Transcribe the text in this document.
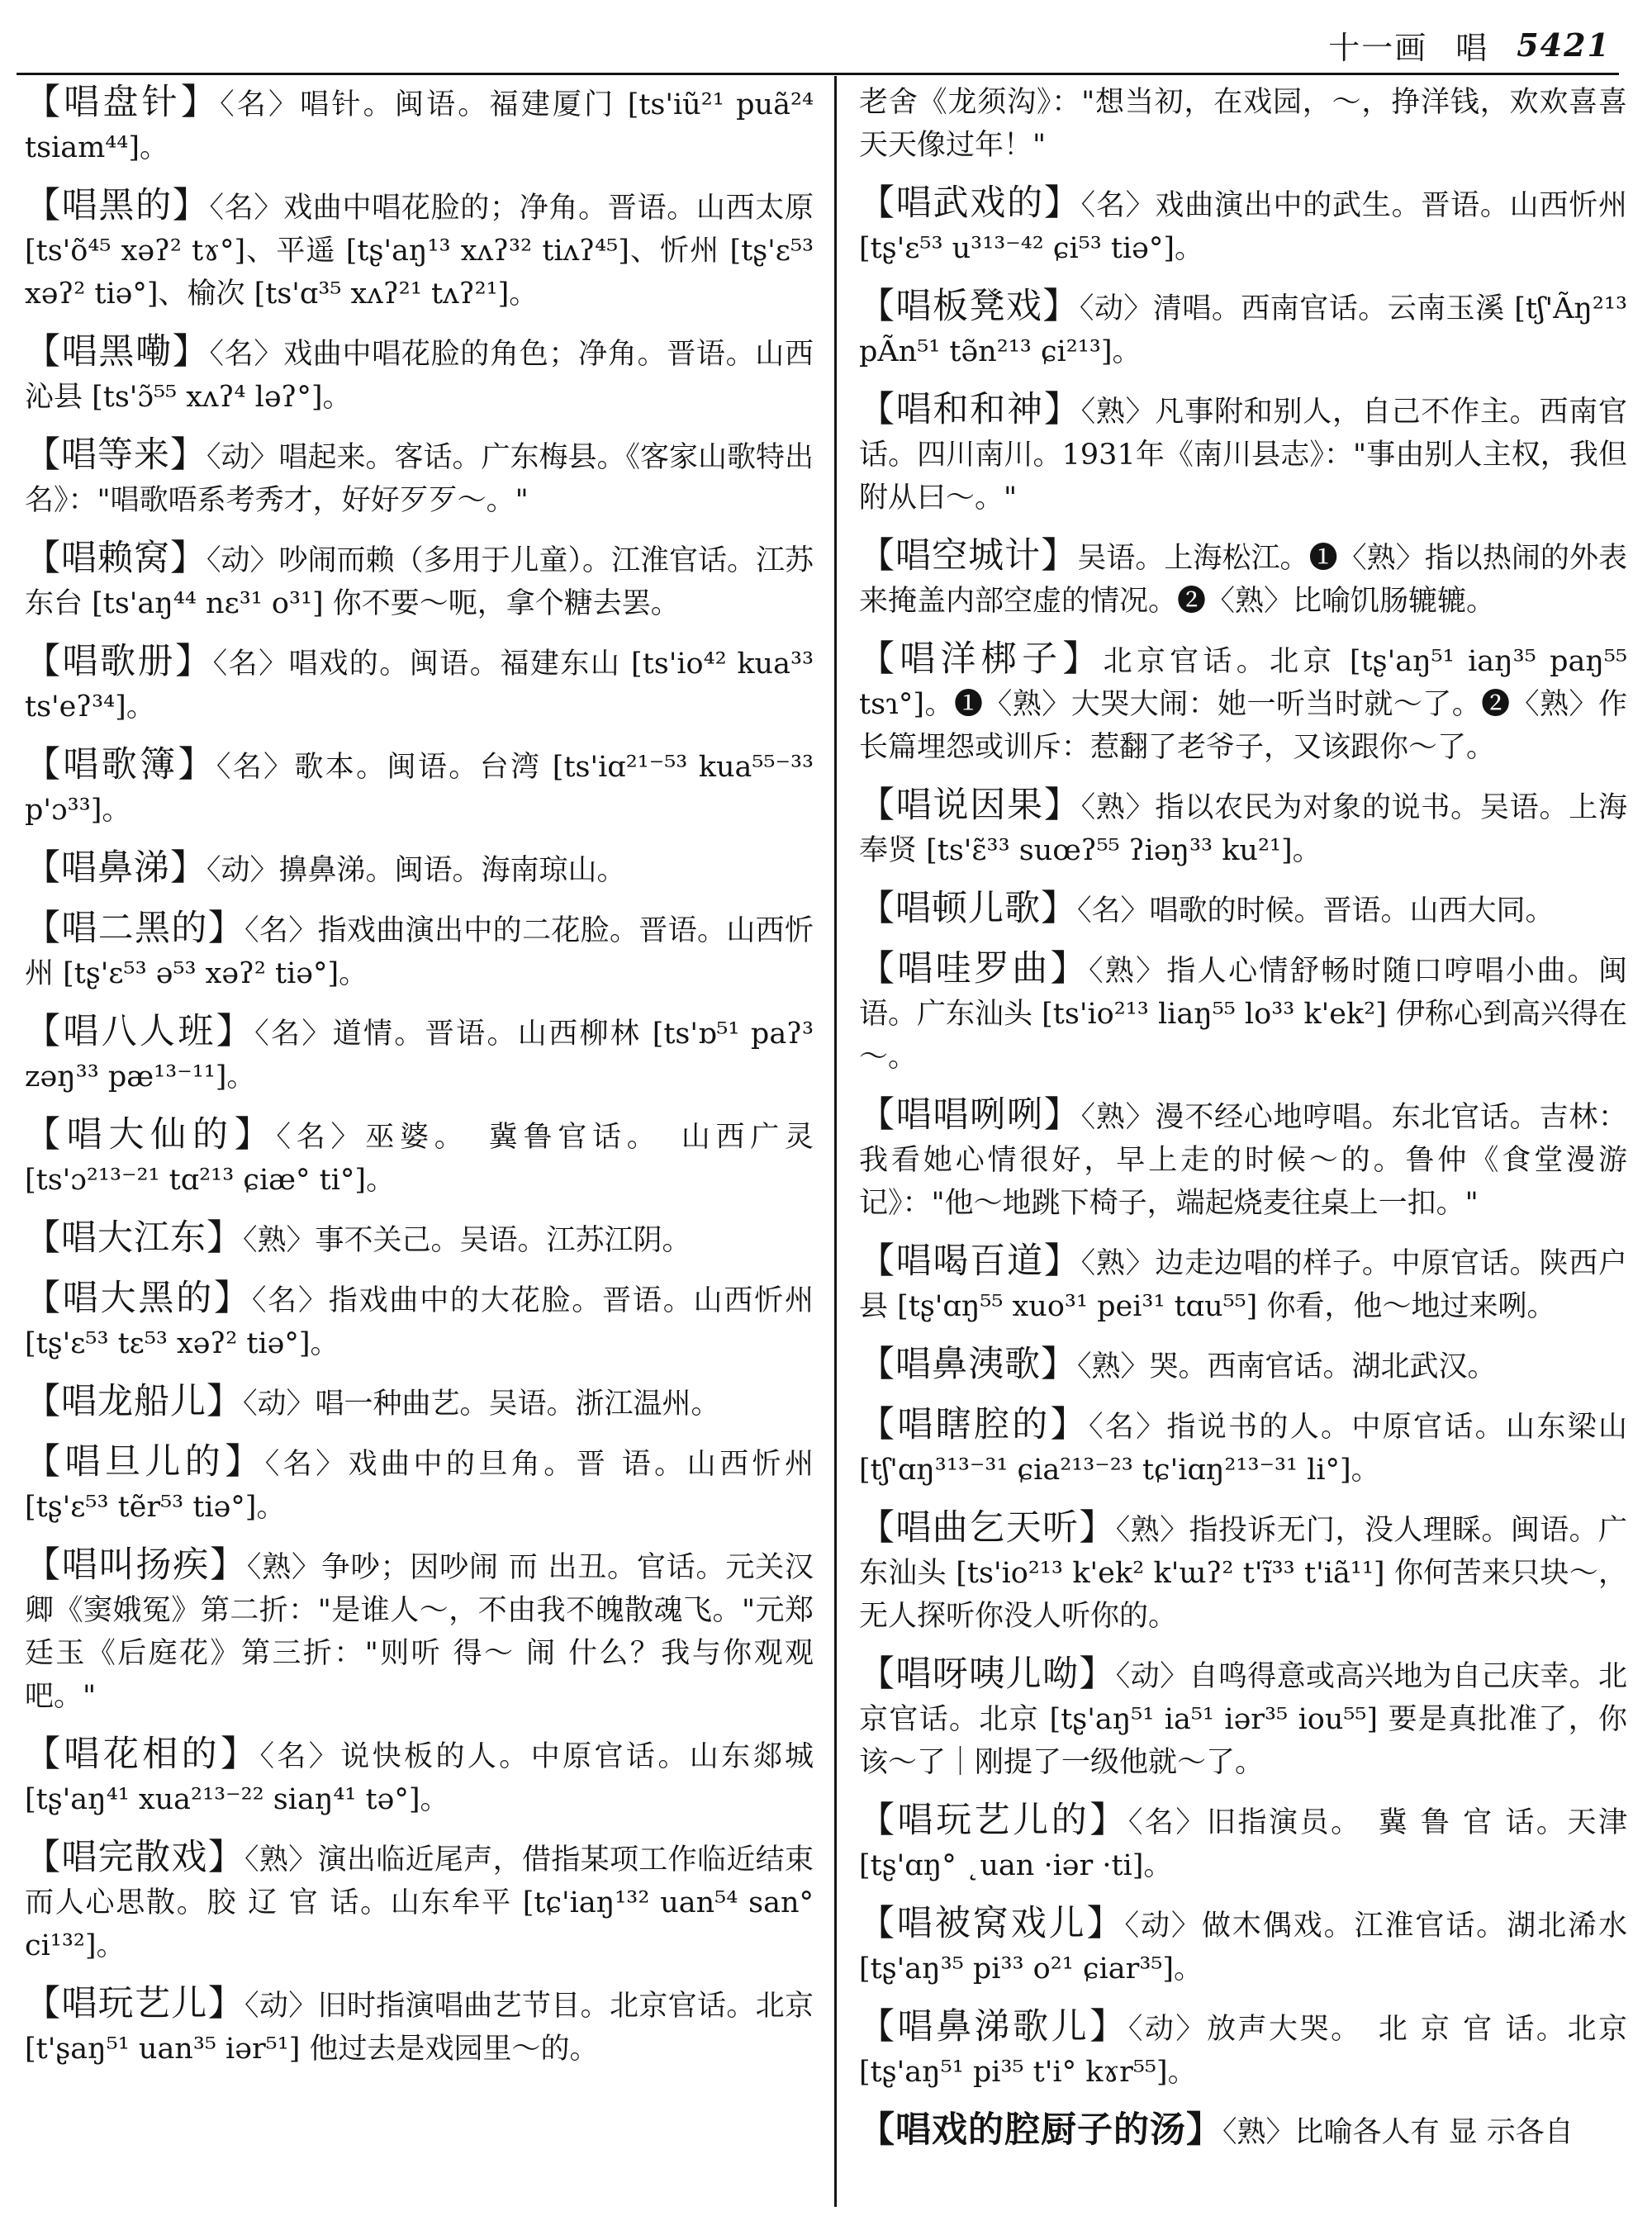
十一画 唱 5421

【唱盘针】〈名〉唱针。闽语。福建厦门 [ts'iũ²¹ puã²⁴ tsiam⁴⁴]。

【唱黑的】〈名〉戏曲中唱花脸的；净角。晋语。山西太原 [ts'õ⁴⁵ xəʔ² tɤ°]、平遥 [tʂ'aŋ¹³ xʌʔ³² tiʌʔ⁴⁵]、忻州 [tʂ'ɛ⁵³ xəʔ² tiə°]、榆次 [ts'ɑ³⁵ xʌʔ²¹ tʌʔ²¹]。

【唱黑嘞】〈名〉戏曲中唱花脸的角色；净角。晋语。山西沁县 [ts'ɔ̃⁵⁵ xʌʔ⁴ ləʔ°]。

【唱等来】〈动〉唱起来。客话。广东梅县。《客家山歌特出名》："唱歌唔系考秀才，好好歹歹～。"

【唱赖窝】〈动〉吵闹而赖（多用于儿童）。江淮官话。江苏东台 [ts'aŋ⁴⁴ nɛ³¹ o³¹] 你不要～呃，拿个糖去罢。

【唱歌册】〈名〉唱戏的。闽语。福建东山 [ts'io⁴² kua³³ ts'eʔ³⁴]。

【唱歌簿】〈名〉歌本。闽语。台湾 [ts'iɑ²¹⁻⁵³ kua⁵⁵⁻³³ p'ɔ³³]。

【唱鼻涕】〈动〉擤鼻涕。闽语。海南琼山。

【唱二黑的】〈名〉指戏曲演出中的二花脸。晋语。山西忻州 [tʂ'ɛ⁵³ ə⁵³ xəʔ² tiə°]。

【唱八人班】〈名〉道情。晋语。山西柳林 [ts'ɒ⁵¹ paʔ³ zəŋ³³ pæ¹³⁻¹¹]。

【唱大仙的】〈名〉巫婆。　冀鲁官话。　山西广灵 [ts'ɔ²¹³⁻²¹ tɑ²¹³ ɕiæ° ti°]。

【唱大江东】〈熟〉事不关己。吴语。江苏江阴。

【唱大黑的】〈名〉指戏曲中的大花脸。晋语。山西忻州 [tʂ'ɛ⁵³ tɛ⁵³ xəʔ² tiə°]。

【唱龙船儿】〈动〉唱一种曲艺。吴语。浙江温州。

【唱旦儿的】〈名〉戏曲中的旦角。晋 语。山西忻州 [tʂ'ɛ⁵³ tẽr⁵³ tiə°]。

【唱叫扬疾】〈熟〉争吵；因吵闹 而 出丑。官话。元关汉卿《窦娥冤》第二折："是谁人～，不由我不魄散魂飞。"元郑廷玉《后庭花》第三折："则听 得～ 闹 什么？我与你观观吧。"

【唱花相的】〈名〉说快板的人。中原官话。山东郯城 [tʂ'aŋ⁴¹ xua²¹³⁻²² siaŋ⁴¹ tə°]。

【唱完散戏】〈熟〉演出临近尾声，借指某项工作临近结束而人心思散。胶 辽 官 话。山东牟平 [tɕ'iaŋ¹³² uan⁵⁴ san° ci¹³²]。

【唱玩艺儿】〈动〉旧时指演唱曲艺节目。北京官话。北京 [t'ʂaŋ⁵¹ uan³⁵ iər⁵¹] 他过去是戏园里～的。

老舍《龙须沟》："想当初，在戏园，～，挣洋钱，欢欢喜喜天天像过年！"

【唱武戏的】〈名〉戏曲演出中的武生。晋语。山西忻州 [tʂ'ɛ⁵³ u³¹³⁻⁴² ɕi⁵³ tiə°]。

【唱板凳戏】〈动〉清唱。西南官话。云南玉溪 [tʃ'Ãŋ²¹³ pÃn⁵¹ tə̃n²¹³ ɕi²¹³]。

【唱和和神】〈熟〉凡事附和别人，自己不作主。西南官话。四川南川。1931年《南川县志》："事由别人主权，我但附从曰～。"

【唱空城计】吴语。上海松江。❶〈熟〉指以热闹的外表来掩盖内部空虚的情况。❷〈熟〉比喻饥肠辘辘。

【唱洋梆子】北京官话。北京 [tʂ'aŋ⁵¹ iaŋ³⁵ paŋ⁵⁵ tsɿ°]。❶〈熟〉大哭大闹：她一听当时就～了。❷〈熟〉作长篇埋怨或训斥：惹翻了老爷子，又该跟你～了。

【唱说因果】〈熟〉指以农民为对象的说书。吴语。上海奉贤 [ts'ɛ̃³³ suœʔ⁵⁵ ʔiəŋ³³ ku²¹]。

【唱顿儿歌】〈名〉唱歌的时候。晋语。山西大同。

【唱哇罗曲】〈熟〉指人心情舒畅时随口哼唱小曲。闽语。广东汕头 [ts'io²¹³ liaŋ⁵⁵ lo³³ k'ek²] 伊称心到高兴得在～。

【唱唱咧咧】〈熟〉漫不经心地哼唱。东北官话。吉林：我看她心情很好，早上走的时候～的。鲁仲《食堂漫游记》："他～地跳下椅子，端起烧麦往桌上一扣。"

【唱喝百道】〈熟〉边走边唱的样子。中原官话。陕西户县 [tʂ'ɑŋ⁵⁵ xuo³¹ pei³¹ tɑu⁵⁵] 你看，他～地过来咧。

【唱鼻洟歌】〈熟〉哭。西南官话。湖北武汉。

【唱瞎腔的】〈名〉指说书的人。中原官话。山东梁山 [tʃ'ɑŋ³¹³⁻³¹ ɕia²¹³⁻²³ tɕ'iɑŋ²¹³⁻³¹ li°]。

【唱曲乞天听】〈熟〉指投诉无门，没人理睬。闽语。广东汕头 [ts'io²¹³ k'ek² k'ɯʔ² t'ĩ³³ t'iã¹¹] 你何苦来只块～，无人探听你没人听你的。

【唱呀咦儿呦】〈动〉自鸣得意或高兴地为自己庆幸。北京官话。北京 [tʂ'aŋ⁵¹ ia⁵¹ iər³⁵ iou⁵⁵] 要是真批准了，你该～了｜刚提了一级他就～了。

【唱玩艺儿的】〈名〉旧指演员。　冀 鲁 官 话。天津 [tʂ'ɑŋ° ˛uan ·iər ·ti]。

【唱被窝戏儿】〈动〉做木偶戏。江淮官话。湖北浠水 [tʂ'aŋ³⁵ pi³³ o²¹ ɕiar³⁵]。

【唱鼻涕歌儿】〈动〉放声大哭。　北 京 官 话。北京 [tʂ'aŋ⁵¹ pi³⁵ t'i° kɤr⁵⁵]。

【唱戏的腔厨子的汤】〈熟〉比喻各人有 显 示各自
